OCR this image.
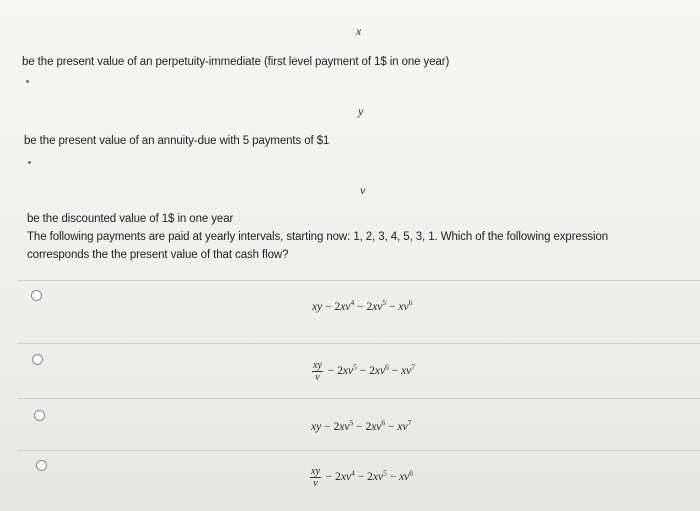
x
be the present value of an perpetuity-immediate (first level payment of 1$ in one year)
y
be the present value of an annuity-due with 5 payments of $1
v
be the discounted value of 1$ in one year
The following payments are paid at yearly intervals, starting now: 1, 2, 3, 4, 5, 3, 1. Which of the following expression
corresponds the the present value of that cash flow?
xy − $2xv^4 - 2xv^5 - xv^6$
$\frac{xy}{v} - 2xv^5 - 2xv^6 - xv^7$
xy − $2xv^5 - 2xv^6 - xv^7$
$\frac{xy}{v} - 2xv^4 - 2xv^5 - xv^6$
